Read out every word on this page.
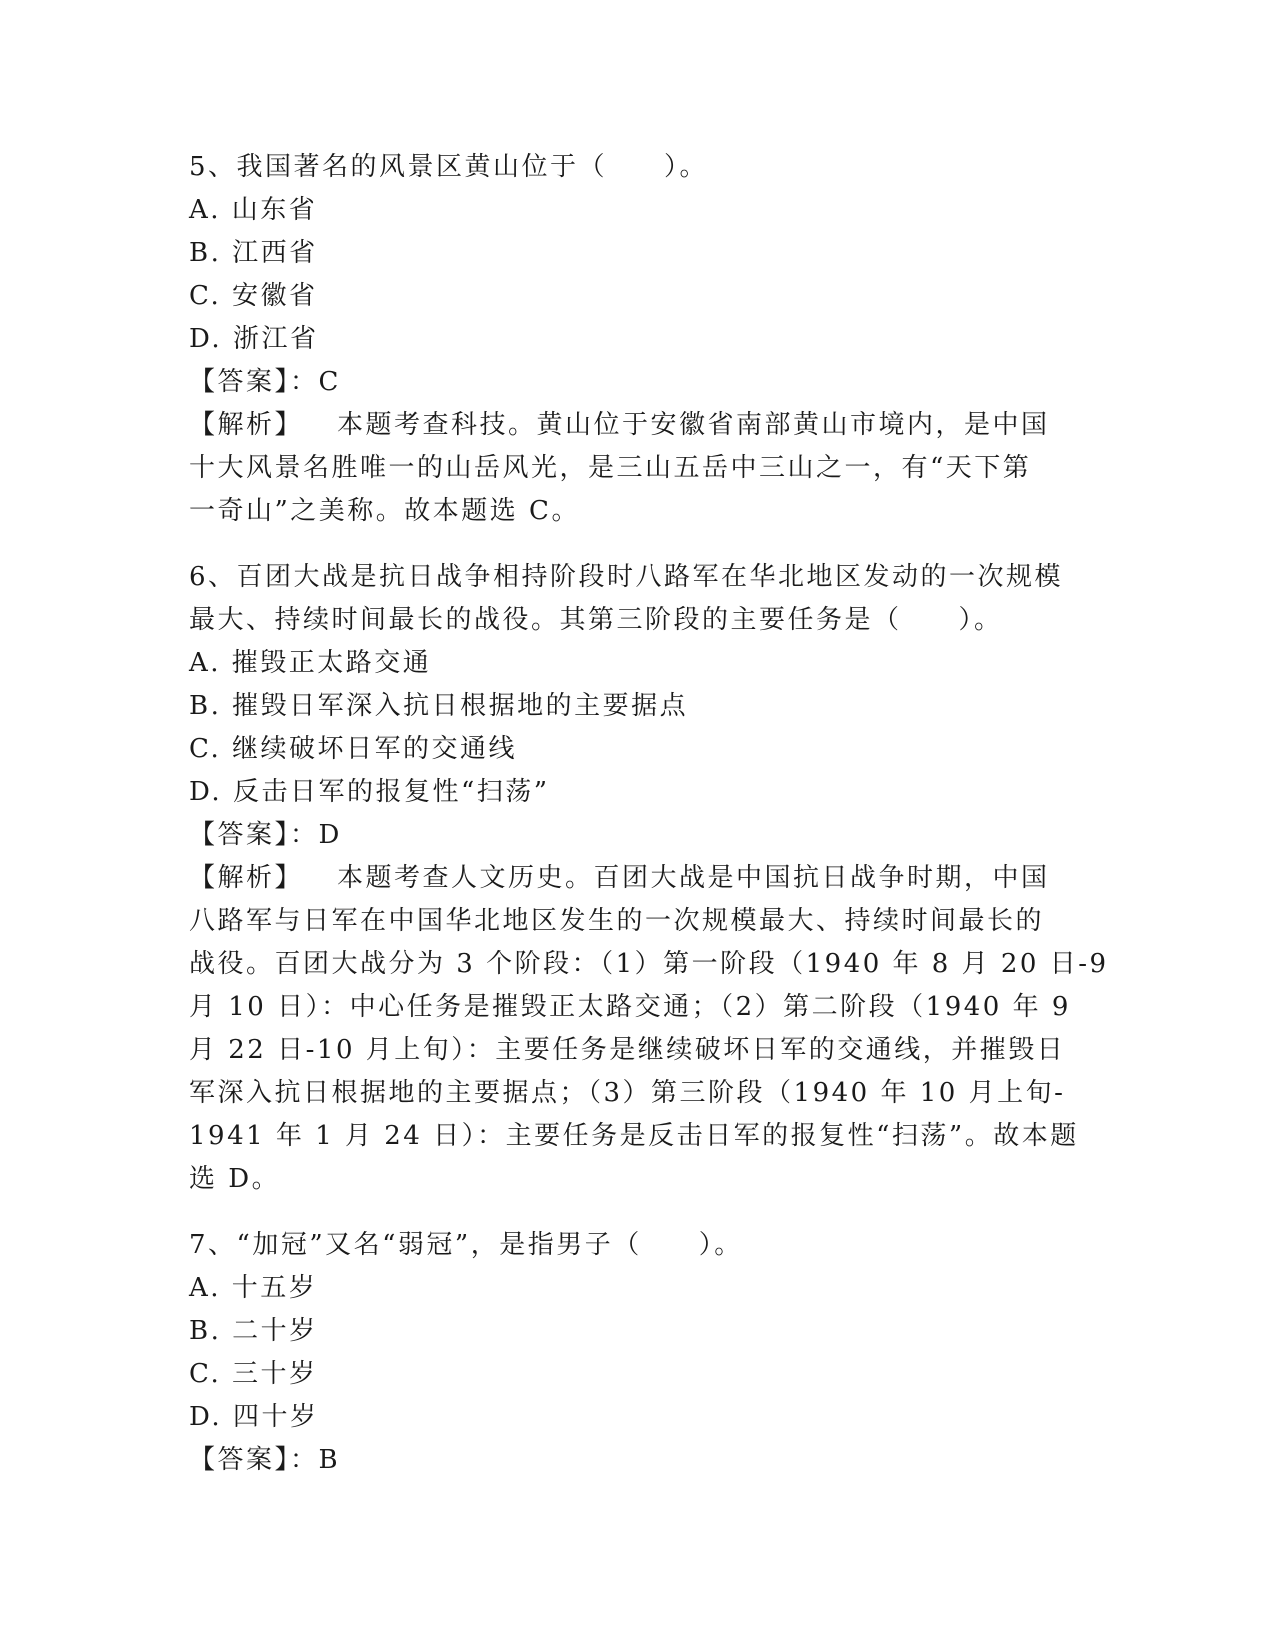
5、我国著名的风景区黄山位于（　　）。
A. 山东省
B. 江西省
C. 安徽省
D. 浙江省
【答案】：C
【解析】 本题考查科技。黄山位于安徽省南部黄山市境内，是中国
十大风景名胜唯一的山岳风光，是三山五岳中三山之一，有“天下第
一奇山”之美称。故本题选 C。
6、百团大战是抗日战争相持阶段时八路军在华北地区发动的一次规模
最大、持续时间最长的战役。其第三阶段的主要任务是（　　）。
A. 摧毁正太路交通
B. 摧毁日军深入抗日根据地的主要据点
C. 继续破坏日军的交通线
D. 反击日军的报复性“扫荡”
【答案】：D
【解析】 本题考查人文历史。百团大战是中国抗日战争时期，中国
八路军与日军在中国华北地区发生的一次规模最大、持续时间最长的
战役。百团大战分为 3 个阶段：（1）第一阶段（1940 年 8 月 20 日-9
月 10 日）：中心任务是摧毁正太路交通；（2）第二阶段（1940 年 9
月 22 日-10 月上旬）：主要任务是继续破坏日军的交通线，并摧毁日
军深入抗日根据地的主要据点；（3）第三阶段（1940 年 10 月上旬-
1941 年 1 月 24 日）：主要任务是反击日军的报复性“扫荡”。故本题
选 D。
7、“加冠”又名“弱冠”，是指男子（　　）。
A. 十五岁
B. 二十岁
C. 三十岁
D. 四十岁
【答案】：B
